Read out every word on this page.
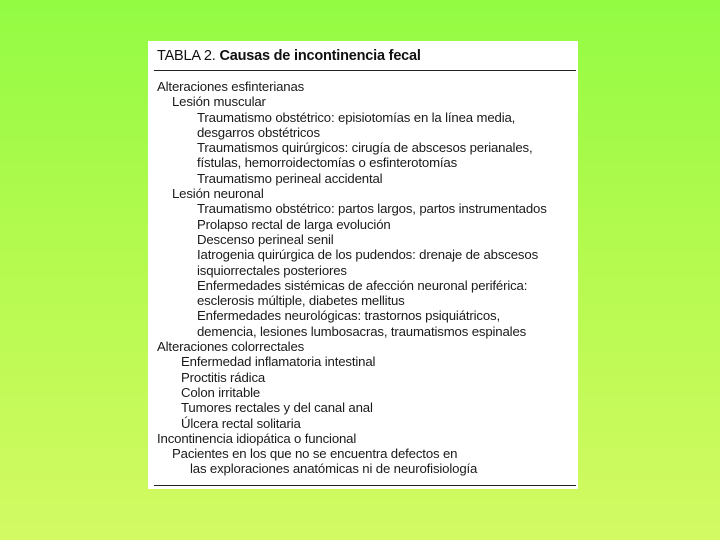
TABLA 2. Causas de incontinencia fecal
Alteraciones esfinterianas
Lesión muscular
Traumatismo obstétrico: episiotomías en la línea media,
desgarros obstétricos
Traumatismos quirúrgicos: cirugía de abscesos perianales,
fístulas, hemorroidectomías o esfinterotomías
Traumatismo perineal accidental
Lesión neuronal
Traumatismo obstétrico: partos largos, partos instrumentados
Prolapso rectal de larga evolución
Descenso perineal senil
Iatrogenia quirúrgica de los pudendos: drenaje de abscesos
isquiorrectales posteriores
Enfermedades sistémicas de afección neuronal periférica:
esclerosis múltiple, diabetes mellitus
Enfermedades neurológicas: trastornos psiquiátricos,
demencia, lesiones lumbosacras, traumatismos espinales
Alteraciones colorrectales
Enfermedad inflamatoria intestinal
Proctitis rádica
Colon irritable
Tumores rectales y del canal anal
Úlcera rectal solitaria
Incontinencia idiopática o funcional
Pacientes en los que no se encuentra defectos en
las exploraciones anatómicas ni de neurofisiología
